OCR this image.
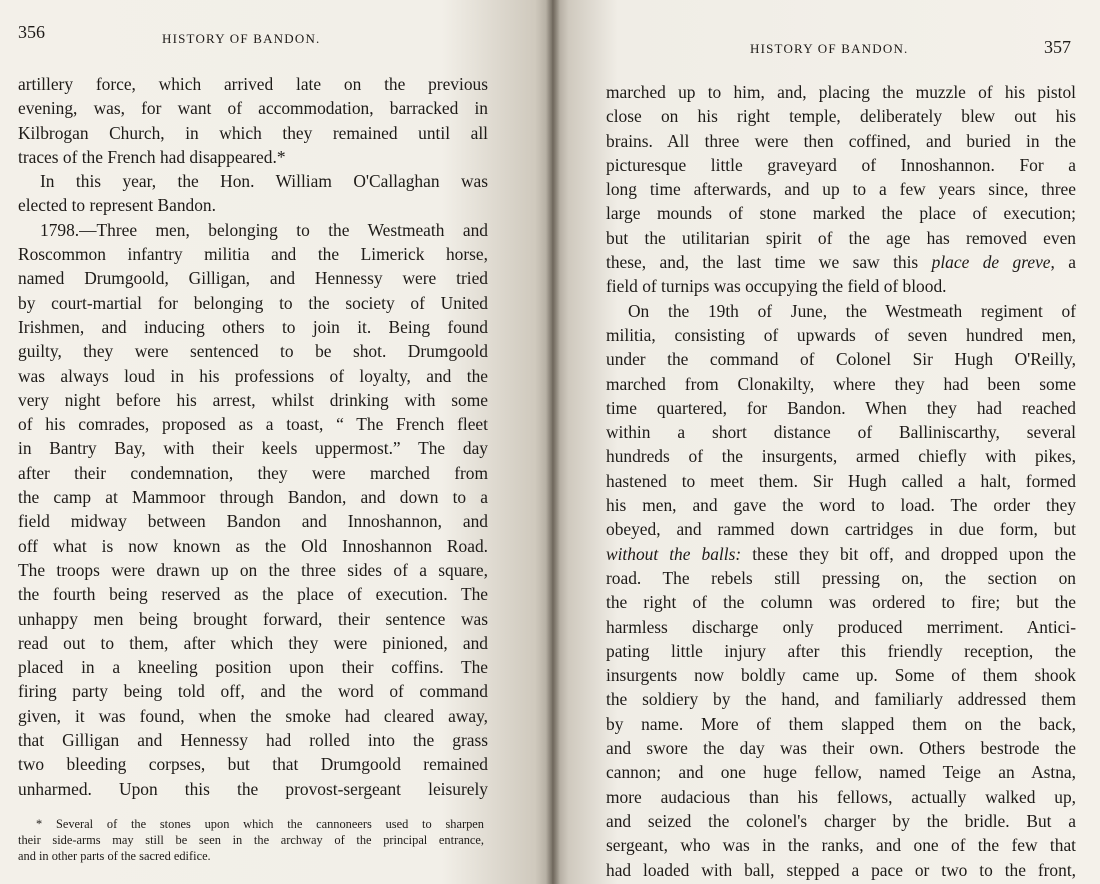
356	HISTORY OF BANDON.
artillery force, which arrived late on the previous
evening, was, for want of accommodation, barracked in
Kilbrogan Church, in which they remained until all
traces of the French had disappeared.*
In this year, the Hon. William O'Callaghan was
elected to represent Bandon.
1798.—Three men, belonging to the Westmeath and
Roscommon infantry militia and the Limerick horse,
named Drumgoold, Gilligan, and Hennessy were tried
by court-martial for belonging to the society of United
Irishmen, and inducing others to join it. Being found
guilty, they were sentenced to be shot. Drumgoold
was always loud in his professions of loyalty, and the
very night before his arrest, whilst drinking with some
of his comrades, proposed as a toast, “ The French fleet
in Bantry Bay, with their keels uppermost.” The day
after their condemnation, they were marched from
the camp at Mammoor through Bandon, and down to a
field midway between Bandon and Innoshannon, and
off what is now known as the Old Innoshannon Road.
The troops were drawn up on the three sides of a square,
the fourth being reserved as the place of execution. The
unhappy men being brought forward, their sentence was
read out to them, after which they were pinioned, and
placed in a kneeling position upon their coffins. The
firing party being told off, and the word of command
given, it was found, when the smoke had cleared away,
that Gilligan and Hennessy had rolled into the grass
two bleeding corpses, but that Drumgoold remained
unharmed. Upon this the provost-sergeant leisurely
* Several of the stones upon which the cannoneers used to sharpen
their side-arms may still be seen in the archway of the principal entrance,
and in other parts of the sacred edifice.
HISTORY OF BANDON.	357
marched up to him, and, placing the muzzle of his pistol
close on his right temple, deliberately blew out his
brains. All three were then coffined, and buried in the
picturesque little graveyard of Innoshannon. For a
long time afterwards, and up to a few years since, three
large mounds of stone marked the place of execution;
but the utilitarian spirit of the age has removed even
these, and, the last time we saw this place de greve, a
field of turnips was occupying the field of blood.
On the 19th of June, the Westmeath regiment of
militia, consisting of upwards of seven hundred men,
under the command of Colonel Sir Hugh O'Reilly,
marched from Clonakilty, where they had been some
time quartered, for Bandon. When they had reached
within a short distance of Balliniscarthy, several
hundreds of the insurgents, armed chiefly with pikes,
hastened to meet them. Sir Hugh called a halt, formed
his men, and gave the word to load. The order they
obeyed, and rammed down cartridges in due form, but
without the balls: these they bit off, and dropped upon the
road. The rebels still pressing on, the section on
the right of the column was ordered to fire; but the
harmless discharge only produced merriment. Antici-
pating little injury after this friendly reception, the
insurgents now boldly came up. Some of them shook
the soldiery by the hand, and familiarly addressed them
by name. More of them slapped them on the back,
and swore the day was their own. Others bestrode the
cannon; and one huge fellow, named Teige an Astna,
more audacious than his fellows, actually walked up,
and seized the colonel's charger by the bridle. But a
sergeant, who was in the ranks, and one of the few that
had loaded with ball, stepped a pace or two to the front,
